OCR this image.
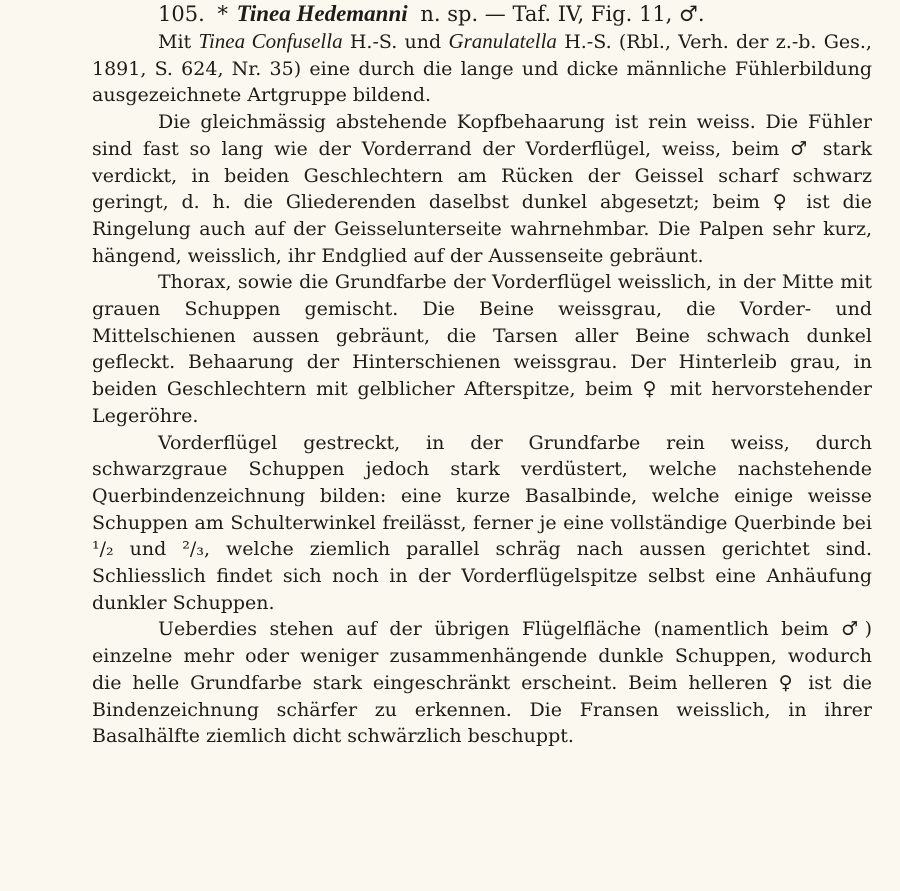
105. * Tinea Hedemanni n. sp. — Taf. IV, Fig. 11, ♂.

Mit Tinea Confusella H.-S. und Granulatella H.-S. (Rbl., Verh. der z.-b. Ges., 1891, S. 624, Nr. 35) eine durch die lange und dicke männliche Fühlerbildung ausgezeichnete Artgruppe bildend.

Die gleichmässig abstehende Kopfbehaarung ist rein weiss. Die Fühler sind fast so lang wie der Vorderrand der Vorderflügel, weiss, beim ♂ stark verdickt, in beiden Geschlechtern am Rücken der Geissel scharf schwarz geringt, d. h. die Gliederenden daselbst dunkel abgesetzt; beim ♀ ist die Ringelung auch auf der Geisselunterseite wahrnehmbar. Die Palpen sehr kurz, hängend, weisslich, ihr Endglied auf der Aussenseite gebräunt.

Thorax, sowie die Grundfarbe der Vorderflügel weisslich, in der Mitte mit grauen Schuppen gemischt. Die Beine weissgrau, die Vorder- und Mittelschienen aussen gebräunt, die Tarsen aller Beine schwach dunkel gefleckt. Behaarung der Hinterschienen weissgrau. Der Hinterleib grau, in beiden Geschlechtern mit gelblicher Afterspitze, beim ♀ mit hervorstehender Legeröhre.

Vorderflügel gestreckt, in der Grundfarbe rein weiss, durch schwarzgraue Schuppen jedoch stark verdüstert, welche nachstehende Querbindenzeichnung bilden: eine kurze Basalbinde, welche einige weisse Schuppen am Schulterwinkel freilässt, ferner je eine vollständige Querbinde bei ¹/₂ und ²/₃, welche ziemlich parallel schräg nach aussen gerichtet sind. Schliesslich findet sich noch in der Vorderflügelspitze selbst eine Anhäufung dunkler Schuppen.

Ueberdies stehen auf der übrigen Flügelfläche (namentlich beim ♂) einzelne mehr oder weniger zusammenhängende dunkle Schuppen, wodurch die helle Grundfarbe stark eingeschränkt erscheint. Beim helleren ♀ ist die Bindenzeichnung schärfer zu erkennen. Die Fransen weisslich, in ihrer Basalhälfte ziemlich dicht schwärzlich beschuppt.
